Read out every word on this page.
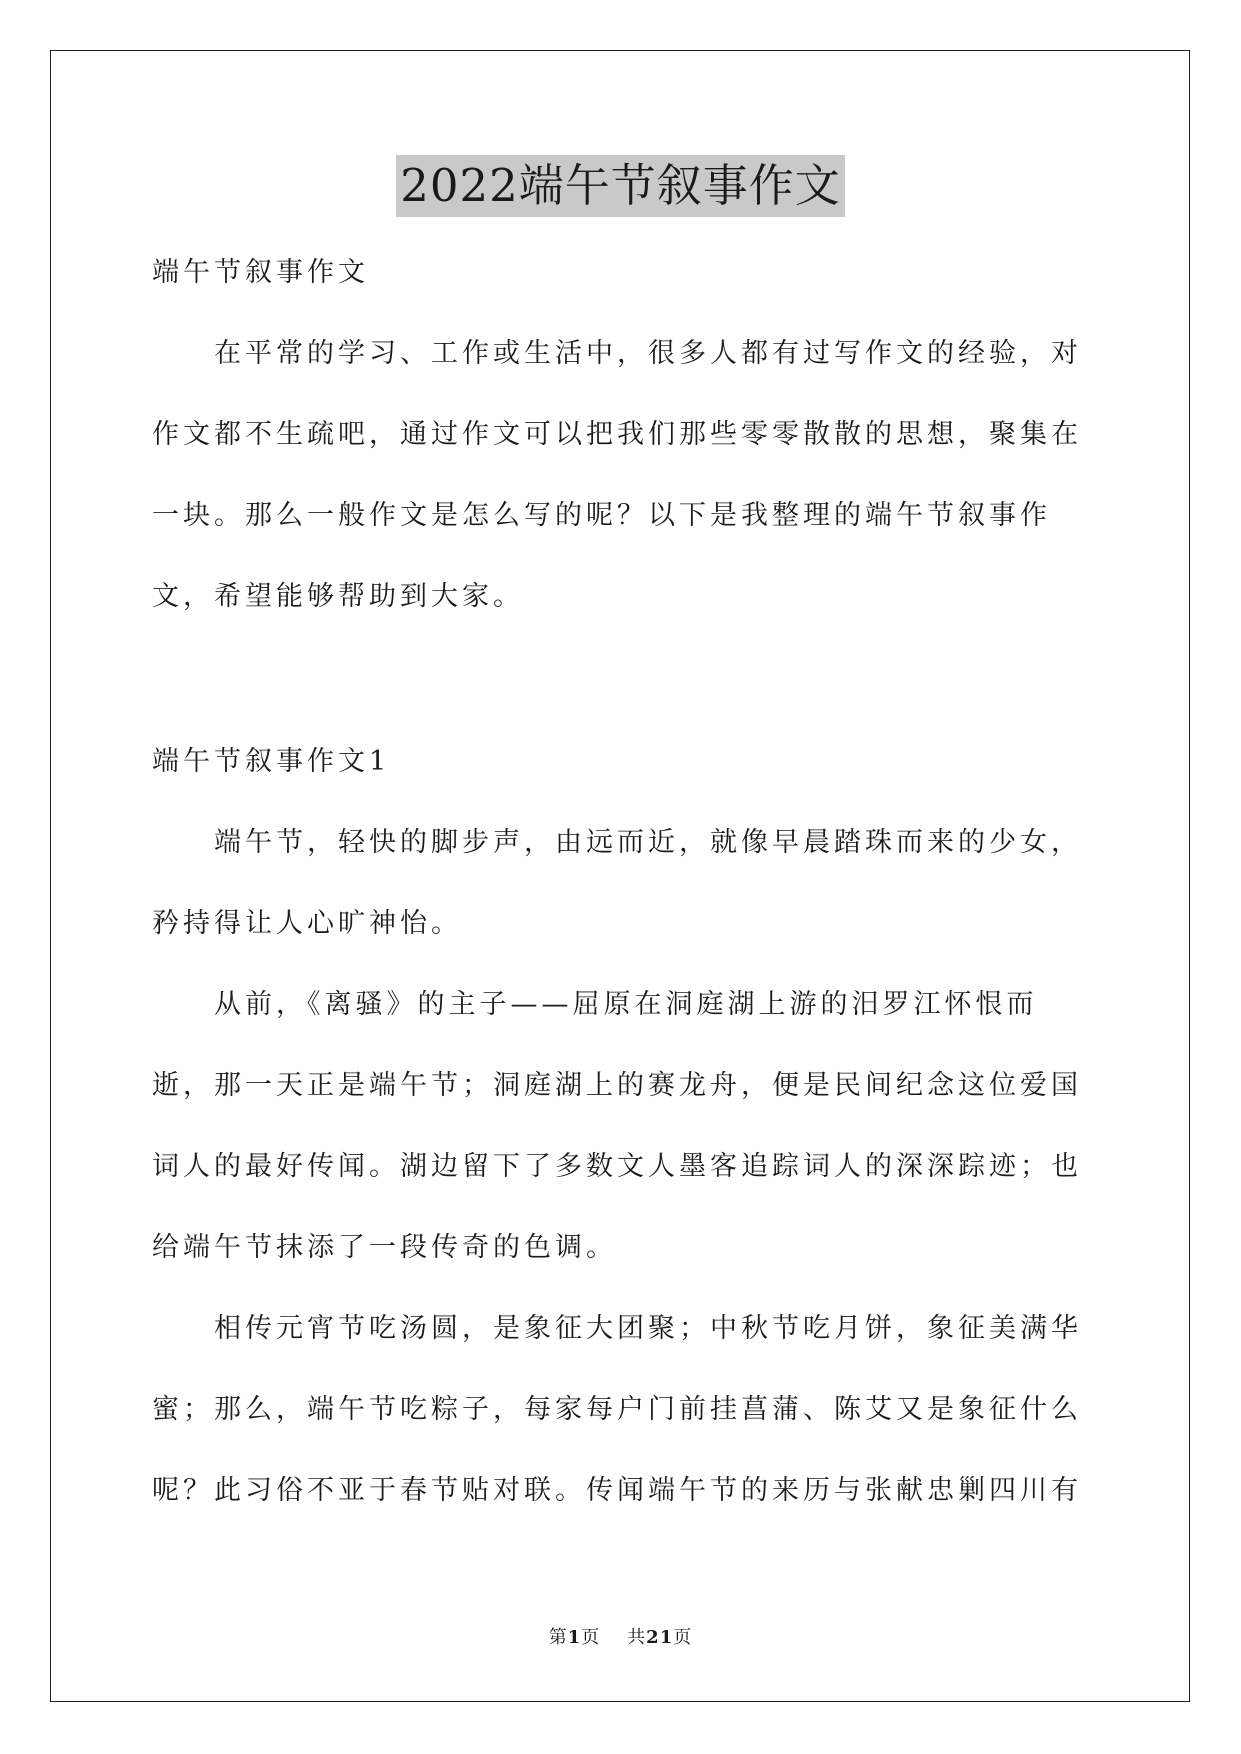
2022端午节叙事作文

端午节叙事作文

在平常的学习、工作或生活中，很多人都有过写作文的经验，对作文都不生疏吧，通过作文可以把我们那些零零散散的思想，聚集在一块。那么一般作文是怎么写的呢？以下是我整理的端午节叙事作文，希望能够帮助到大家。

端午节叙事作文1

端午节，轻快的脚步声，由远而近，就像早晨踏珠而来的少女，矜持得让人心旷神怡。

从前，《离骚》的主子——屈原在洞庭湖上游的汨罗江怀恨而逝，那一天正是端午节；洞庭湖上的赛龙舟，便是民间纪念这位爱国词人的最好传闻。湖边留下了多数文人墨客追踪词人的深深踪迹；也给端午节抹添了一段传奇的色调。

相传元宵节吃汤圆，是象征大团聚；中秋节吃月饼，象征美满华蜜；那么，端午节吃粽子，每家每户门前挂菖蒲、陈艾又是象征什么呢？此习俗不亚于春节贴对联。传闻端午节的来历与张献忠剿四川有

第1页 共21页
